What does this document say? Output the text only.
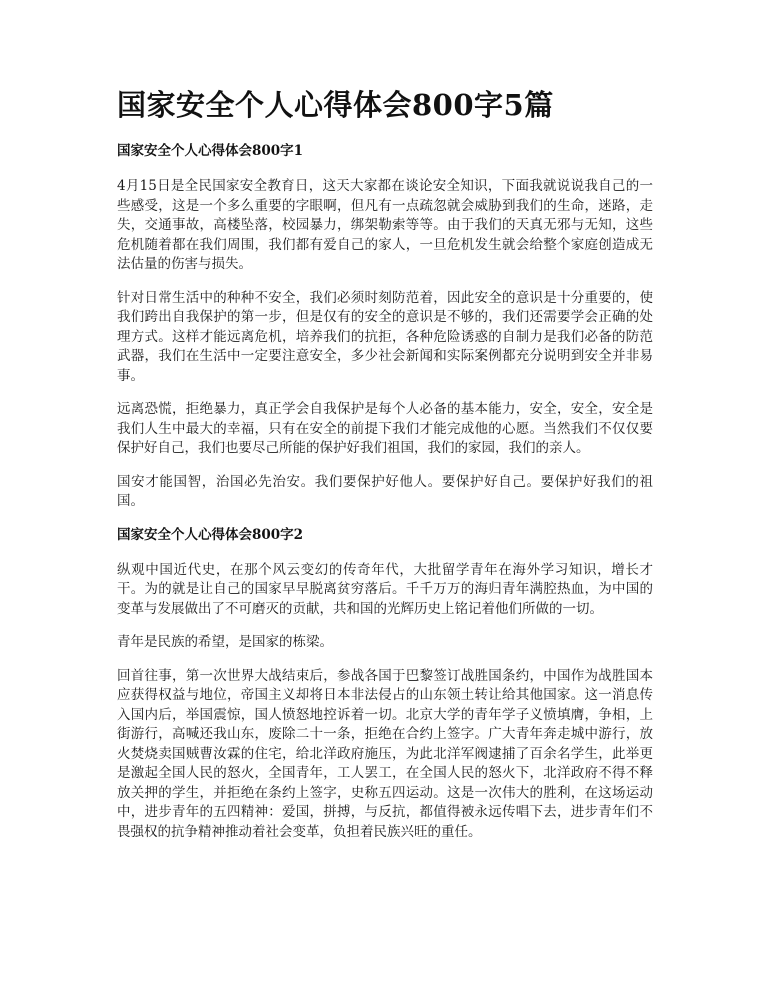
国家安全个人心得体会800字5篇
国家安全个人心得体会800字1

4月15日是全民国家安全教育日，这天大家都在谈论安全知识，下面我就说说我自己的一些感受，这是一个多么重要的字眼啊，但凡有一点疏忽就会威胁到我们的生命，迷路，走失，交通事故，高楼坠落，校园暴力，绑架勒索等等。由于我们的天真无邪与无知，这些危机随着都在我们周围，我们都有爱自己的家人，一旦危机发生就会给整个家庭创造成无法估量的伤害与损失。

针对日常生活中的种种不安全，我们必须时刻防范着，因此安全的意识是十分重要的，使我们跨出自我保护的第一步，但是仅有的安全的意识是不够的，我们还需要学会正确的处理方式。这样才能远离危机，培养我们的抗拒，各种危险诱惑的自制力是我们必备的防范武器，我们在生活中一定要注意安全，多少社会新闻和实际案例都充分说明到安全并非易事。

远离恐慌，拒绝暴力，真正学会自我保护是每个人必备的基本能力，安全，安全，安全是我们人生中最大的幸福，只有在安全的前提下我们才能完成他的心愿。当然我们不仅仅要保护好自己，我们也要尽己所能的保护好我们祖国，我们的家园，我们的亲人。

国安才能国智，治国必先治安。我们要保护好他人。要保护好自己。要保护好我们的祖国。

国家安全个人心得体会800字2

纵观中国近代史，在那个风云变幻的传奇年代，大批留学青年在海外学习知识，增长才干。为的就是让自己的国家早早脱离贫穷落后。千千万万的海归青年满腔热血，为中国的变革与发展做出了不可磨灭的贡献，共和国的光辉历史上铭记着他们所做的一切。

青年是民族的希望，是国家的栋梁。

回首往事，第一次世界大战结束后，参战各国于巴黎签订战胜国条约，中国作为战胜国本应获得权益与地位，帝国主义却将日本非法侵占的山东领土转让给其他国家。这一消息传入国内后，举国震惊，国人愤怒地控诉着一切。北京大学的青年学子义愤填膺，争相，上街游行，高喊还我山东，废除二十一条，拒绝在合约上签字。广大青年奔走城中游行，放火焚烧卖国贼曹汝霖的住宅，给北洋政府施压，为此北洋军阀逮捕了百余名学生，此举更是激起全国人民的怒火，全国青年，工人罢工，在全国人民的怒火下，北洋政府不得不释放关押的学生，并拒绝在条约上签字，史称五四运动。这是一次伟大的胜利，在这场运动中，进步青年的五四精神：爱国，拼搏，与反抗，都值得被永远传唱下去，进步青年们不畏强权的抗争精神推动着社会变革，负担着民族兴旺的重任。
